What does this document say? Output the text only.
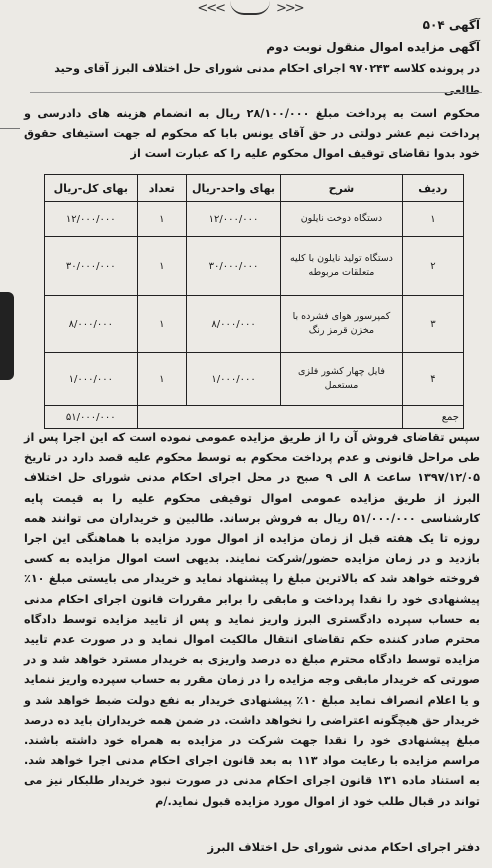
<<<	>>>
آگهی ۵۰۴
آگهی مزایده اموال منقول نوبت دوم
در پرونده کلاسه ۹۷۰۲۴۳ اجرای احکام مدنی شورای حل اختلاف البرز آقای وحید طالعی
محکوم است به پرداخت مبلغ ۲۸/۱۰۰/۰۰۰ ریال به انضمام هزینه های دادرسی و پرداخت نیم عشر دولتی در حق آقای یونس بابا که محکوم له جهت استیفای حقوق خود بدوا تقاضای توقیف اموال محکوم علیه را که عبارت است از
ردیف	شرح	بهای واحد-ریال	تعداد	بهای کل-ریال
۱	دستگاه دوخت نایلون	۱۲/۰۰۰/۰۰۰	۱	۱۲/۰۰۰/۰۰۰
۲	دستگاه تولید نایلون با کلیه متعلقات مربوطه	۳۰/۰۰۰/۰۰۰	۱	۳۰/۰۰۰/۰۰۰
۳	کمپرسور هوای فشرده با مخزن قرمز رنگ	۸/۰۰۰/۰۰۰	۱	۸/۰۰۰/۰۰۰
۴	فایل چهار کشور فلزی مستعمل	۱/۰۰۰/۰۰۰	۱	۱/۰۰۰/۰۰۰
جمع				۵۱/۰۰۰/۰۰۰
سپس تقاضای فروش آن را از طریق مزایده عمومی نموده است که این اجرا پس از طی مراحل قانونی و عدم پرداخت محکوم به توسط محکوم علیه قصد دارد در تاریخ ۱۳۹۷/۱۲/۰۵ ساعت ۸ الی ۹ صبح در محل اجرای احکام مدنی شورای حل اختلاف البرز از طریق مزایده عمومی اموال توقیفی محکوم علیه را به قیمت پایه کارشناسی ۵۱/۰۰۰/۰۰۰ ریال به فروش برساند. طالبین و خریداران می توانند همه روزه تا یک هفته قبل از زمان مزایده از اموال مورد مزایده با هماهنگی این اجرا بازدید و در زمان مزایده حضور/شرکت نمایند. بدیهی است اموال مزایده به کسی فروخته خواهد شد که بالاترین مبلغ را پیشنهاد نماید و خریدار می بایستی مبلغ ۱۰٪ پیشنهادی خود را نقدا پرداخت و مابقی را برابر مقررات قانون اجرای احکام مدنی به حساب سپرده دادگستری البرز واریز نماید و پس از تایید مزایده توسط دادگاه محترم صادر کننده حکم تقاضای انتقال مالکیت اموال نماید و در صورت عدم تایید مزایده توسط دادگاه محترم مبلغ ده درصد واریزی به خریدار مسترد خواهد شد و در صورتی که خریدار مابقی وجه مزایده را در زمان مقرر به حساب سپرده واریز ننماید و یا اعلام انصراف نماید مبلغ ۱۰٪ پیشنهادی خریدار به نفع دولت ضبط خواهد شد و خریدار حق هیچگونه اعتراضی را نخواهد داشت. در ضمن همه خریداران باید ده درصد مبلغ پیشنهادی خود را نقدا جهت شرکت در مزایده به همراه خود داشته باشند. مراسم مزایده با رعایت مواد ۱۱۳ به بعد قانون اجرای احکام مدنی اجرا خواهد شد. به استناد ماده ۱۳۱ قانون اجرای احکام مدنی در صورت نبود خریدار طلبکار نیز می تواند در قبال طلب خود از اموال مورد مزایده قبول نماید./م
دفتر اجرای احکام مدنی شورای حل اختلاف البرز
